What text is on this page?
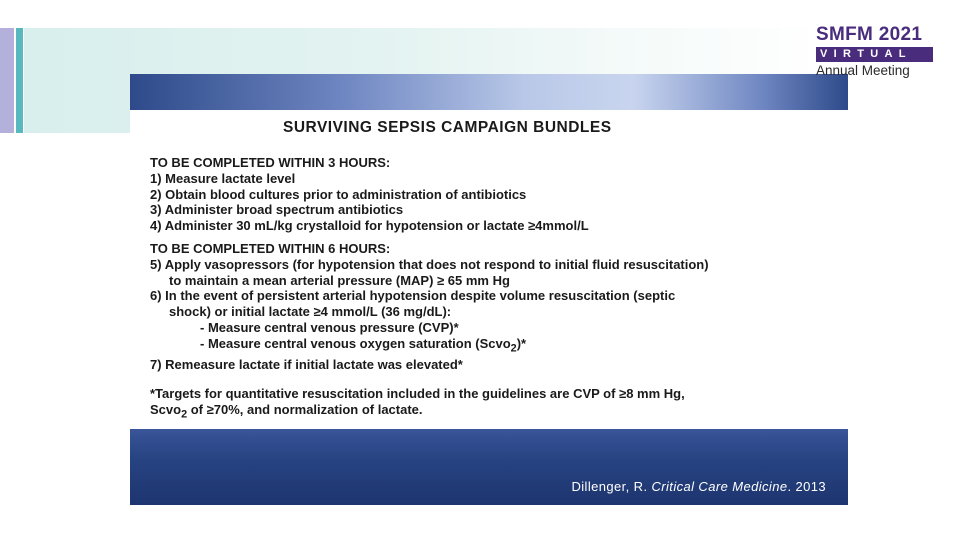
SURVIVING SEPSIS CAMPAIGN BUNDLES
TO BE COMPLETED WITHIN 3 HOURS:
1) Measure lactate level
2) Obtain blood cultures prior to administration of antibiotics
3) Administer broad spectrum antibiotics
4) Administer 30 mL/kg crystalloid for hypotension or lactate ≥4mmol/L
TO BE COMPLETED WITHIN 6 HOURS:
5) Apply vasopressors (for hypotension that does not respond to initial fluid resuscitation)
to maintain a mean arterial pressure (MAP) ≥ 65 mm Hg
6) In the event of persistent arterial hypotension despite volume resuscitation (septic
shock) or initial lactate ≥4 mmol/L (36 mg/dL):
- Measure central venous pressure (CVP)*
- Measure central venous oxygen saturation (Scvo$_2$)*
7) Remeasure lactate if initial lactate was elevated*
*Targets for quantitative resuscitation included in the guidelines are CVP of ≥8 mm Hg,
Scvo$_2$ of ≥70%, and normalization of lactate.
Dillenger, R. Critical Care Medicine. 2013
SMFM 2021
VIRTUAL
Annual Meeting
